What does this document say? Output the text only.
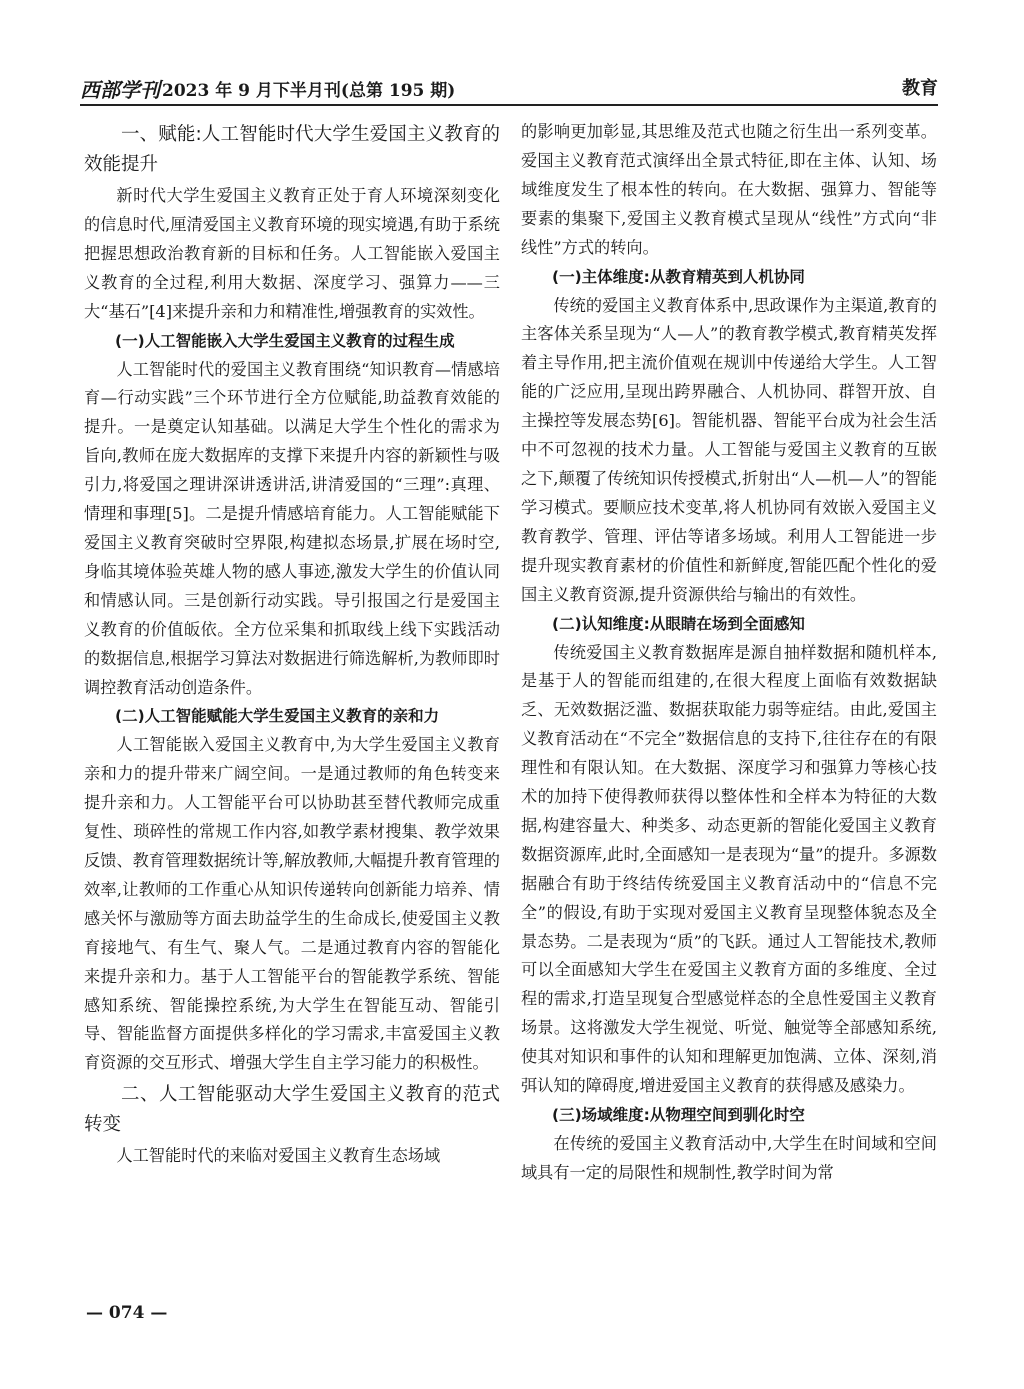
西部学刊 2023 年 9 月下半月刊(总第 195 期)	教育
一、赋能:人工智能时代大学生爱国主义教育的效能提升

新时代大学生爱国主义教育正处于育人环境深刻变化的信息时代,厘清爱国主义教育环境的现实境遇,有助于系统把握思想政治教育新的目标和任务。人工智能嵌入爱国主义教育的全过程,利用大数据、深度学习、强算力——三大“基石”[4]来提升亲和力和精准性,增强教育的实效性。

(一)人工智能嵌入大学生爱国主义教育的过程生成

人工智能时代的爱国主义教育围绕“知识教育—情感培育—行动实践”三个环节进行全方位赋能,助益教育效能的提升。一是奠定认知基础。以满足大学生个性化的需求为旨向,教师在庞大数据库的支撑下来提升内容的新颖性与吸引力,将爱国之理讲深讲透讲活,讲清爱国的“三理”:真理、情理和事理[5]。二是提升情感培育能力。人工智能赋能下爱国主义教育突破时空界限,构建拟态场景,扩展在场时空,身临其境体验英雄人物的感人事迹,激发大学生的价值认同和情感认同。三是创新行动实践。导引报国之行是爱国主义教育的价值皈依。全方位采集和抓取线上线下实践活动的数据信息,根据学习算法对数据进行筛选解析,为教师即时调控教育活动创造条件。

(二)人工智能赋能大学生爱国主义教育的亲和力

人工智能嵌入爱国主义教育中,为大学生爱国主义教育亲和力的提升带来广阔空间。一是通过教师的角色转变来提升亲和力。人工智能平台可以协助甚至替代教师完成重复性、琐碎性的常规工作内容,如教学素材搜集、教学效果反馈、教育管理数据统计等,解放教师,大幅提升教育管理的效率,让教师的工作重心从知识传递转向创新能力培养、情感关怀与激励等方面去助益学生的生命成长,使爱国主义教育接地气、有生气、聚人气。二是通过教育内容的智能化来提升亲和力。基于人工智能平台的智能教学系统、智能感知系统、智能操控系统,为大学生在智能互动、智能引导、智能监督方面提供多样化的学习需求,丰富爱国主义教育资源的交互形式、增强大学生自主学习能力的积极性。

二、人工智能驱动大学生爱国主义教育的范式转变

人工智能时代的来临对爱国主义教育生态场域

的影响更加彰显,其思维及范式也随之衍生出一系列变革。爱国主义教育范式演绎出全景式特征,即在主体、认知、场域维度发生了根本性的转向。在大数据、强算力、智能等要素的集聚下,爱国主义教育模式呈现从“线性”方式向“非线性”方式的转向。

(一)主体维度:从教育精英到人机协同

传统的爱国主义教育体系中,思政课作为主渠道,教育的主客体关系呈现为“人—人”的教育教学模式,教育精英发挥着主导作用,把主流价值观在规训中传递给大学生。人工智能的广泛应用,呈现出跨界融合、人机协同、群智开放、自主操控等发展态势[6]。智能机器、智能平台成为社会生活中不可忽视的技术力量。人工智能与爱国主义教育的互嵌之下,颠覆了传统知识传授模式,折射出“人—机—人”的智能学习模式。要顺应技术变革,将人机协同有效嵌入爱国主义教育教学、管理、评估等诸多场域。利用人工智能进一步提升现实教育素材的价值性和新鲜度,智能匹配个性化的爱国主义教育资源,提升资源供给与输出的有效性。

(二)认知维度:从眼睛在场到全面感知

传统爱国主义教育数据库是源自抽样数据和随机样本,是基于人的智能而组建的,在很大程度上面临有效数据缺乏、无效数据泛滥、数据获取能力弱等症结。由此,爱国主义教育活动在“不完全”数据信息的支持下,往往存在的有限理性和有限认知。在大数据、深度学习和强算力等核心技术的加持下使得教师获得以整体性和全样本为特征的大数据,构建容量大、种类多、动态更新的智能化爱国主义教育数据资源库,此时,全面感知一是表现为“量”的提升。多源数据融合有助于终结传统爱国主义教育活动中的“信息不完全”的假设,有助于实现对爱国主义教育呈现整体貌态及全景态势。二是表现为“质”的飞跃。通过人工智能技术,教师可以全面感知大学生在爱国主义教育方面的多维度、全过程的需求,打造呈现复合型感觉样态的全息性爱国主义教育场景。这将激发大学生视觉、听觉、触觉等全部感知系统,使其对知识和事件的认知和理解更加饱满、立体、深刻,消弭认知的障碍度,增进爱国主义教育的获得感及感染力。

(三)场域维度:从物理空间到驯化时空

在传统的爱国主义教育活动中,大学生在时间域和空间域具有一定的局限性和规制性,教学时间为常

— 074 —
